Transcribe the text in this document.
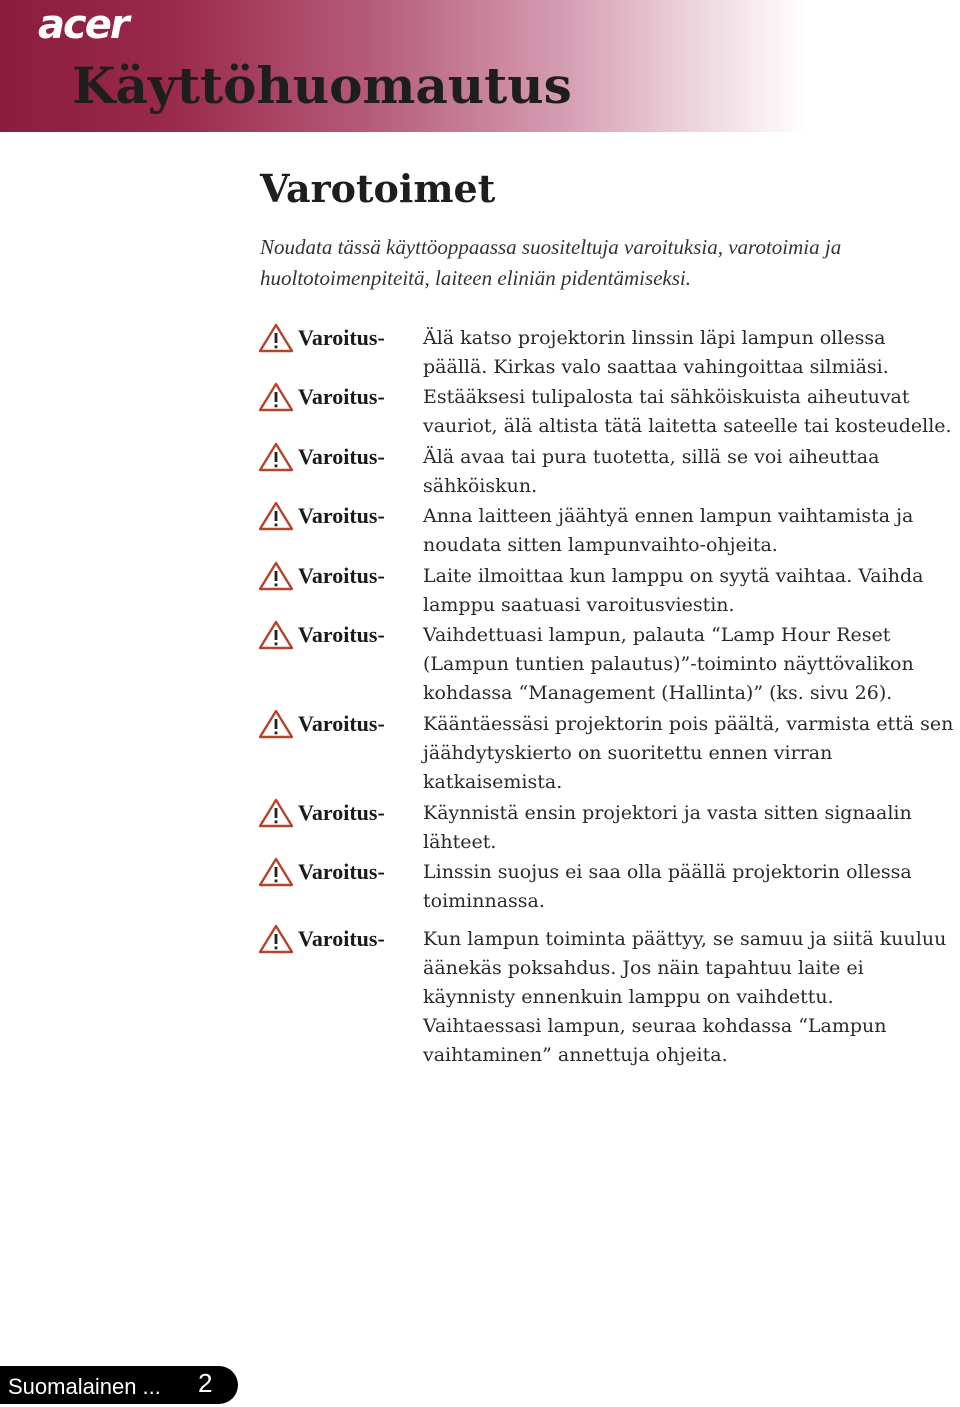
acer
Käyttöhuomautus
Varotoimet

Noudata tässä käyttöoppaassa suositeltuja varoituksia, varotoimia ja huoltotoimenpiteitä, laiteen eliniän pidentämiseksi.

Varoitus- Älä katso projektorin linssin läpi lampun ollessa päällä. Kirkas valo saattaa vahingoittaa silmiäsi.

Varoitus- Estääksesi tulipalosta tai sähköiskuista aiheutuvat vauriot, älä altista tätä laitetta sateelle tai kosteudelle.

Varoitus- Älä avaa tai pura tuotetta, sillä se voi aiheuttaa sähköiskun.

Varoitus- Anna laitteen jäähtyä ennen lampun vaihtamista ja noudata sitten lampunvaihto-ohjeita.

Varoitus- Laite ilmoittaa kun lamppu on syytä vaihtaa. Vaihda lamppu saatuasi varoitusviestin.

Varoitus- Vaihdettuasi lampun, palauta “Lamp Hour Reset (Lampun tuntien palautus)”-toiminto näyttövalikon kohdassa “Management (Hallinta)” (ks. sivu 26).

Varoitus- Kääntäessäsi projektorin pois päältä, varmista että sen jäähdytyskierto on suoritettu ennen virran katkaisemista.

Varoitus- Käynnistä ensin projektori ja vasta sitten signaalin lähteet.

Varoitus- Linssin suojus ei saa olla päällä projektorin ollessa toiminnassa.

Varoitus- Kun lampun toiminta päättyy, se samuu ja siitä kuuluu äänekäs poksahdus. Jos näin tapahtuu laite ei käynnisty ennenkuin lamppu on vaihdettu. Vaihtaessasi lampun, seuraa kohdassa “Lampun vaihtaminen” annettuja ohjeita.

Suomalainen ... 2
